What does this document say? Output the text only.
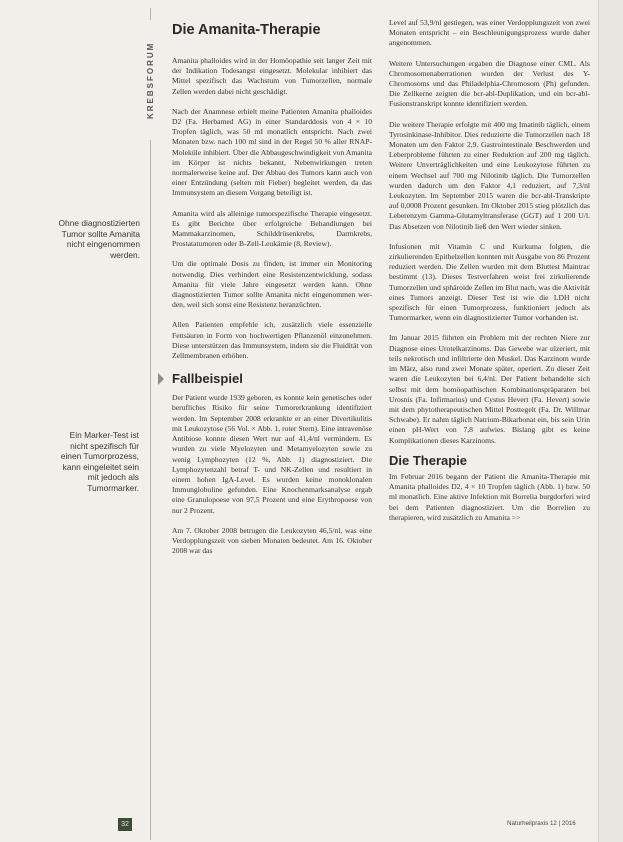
KREBSFORUM
Die Amanita-Therapie
Ohne diagnostizierten Tumor sollte Amanita nicht eingenommen werden.
Ein Marker-Test ist nicht spezifisch für einen Tumorprozess, kann eingeleitet sein mit jedoch als Tumormarker.

Amanita phalloides wird in der Homöopathie seit langer Zeit mit der Indikation Todesangst eingesetzt. Molekular inhibiert das Mittel spezifisch das Wachstum von Tumorzellen, normale Zellen werden dabei nicht geschädigt.

Nach der Anamnese erhielt meine Patienten Amanita phalloides D2 (Fa. Herbamed AG) in einer Standarddosis von 4 × 10 Tropfen täglich, was 50 mI monatlich entspricht. Nach zwei Monaten bzw. nach 100 ml sind in der Regel 50 % aller RNAP-Moleküle inhibiert. Über die Abbaugeschwindigkeit von Amanita im Körper ist nichts bekannt, Nebenwirkungen treten normalerweise keine auf. Der Abbau des Tumors kann auch von einer Entzündung (selten mit Fieber) begleitet werden, da das Immunsystem an diesem Vorgang beteiligt ist.

Amanita wird als alleinige tumorspezifische Therapie eingesetzt. Es gibt Berichte über erfolgreiche Behandlungen bei Mammakarzinomen, Schilddrüsenkrebs, Darmkrebs, Prostatatumoren oder B-Zell-Leukämie (8, Review).

Um die optimale Dosis zu finden, ist immer ein Monitoring notwendig. Dies verhindert eine Resistenzentwicklung, sodass Amanita für viele Jahre eingesetzt werden kann. Ohne diagnostizierten Tumor sollte Amanita nicht eingenommen werden, weil sich sonst eine Resistenz heranzüchten.

Allen Patienten empfehle ich, zusätzlich viele essenzielle Fettsäuren in Form von hochwertigen Pflanzenöl einzunehmen. Diese unterstützen das Immunsystem, indem sie die Fluidität von Zellmembranen erhöhen.

Fallbeispiel

Der Patient wurde 1939 geboren, es konnte kein genetisches oder berufliches Risiko für seine Tumorerkrankung identifiziert werden. Im September 2008 erkrankte er an einer Divertikulitis mit Leukozytose (56 Vol. × Abb. 1, roter Stern). Eine intravenöse Antibiose konnte diesen Wert nur auf 41,4/nl vermindern. Es wurden zu viele Myelozyten und Metamyelozyten sowie zu wenig Lymphozyten (12 %, Abb. 1) diagnostiziert. Die Lymphozytenzahl betraf T- und NK-Zellen und resultiert in einem hohen IgA-Level. Es wurden keine monoklonalen Immunglobuline gefunden. Eine Knochenmarksanalyse ergab eine Granulopoese von 97,5 Prozent und eine Erythropoese von nur 2 Prozent.

Am 7. Oktober 2008 betrugen die Leukozyten 46,5/nl, was eine Verdopplungszeit von sieben Monaten bedeutet. Am 16. Oktober 2008 war das

Level auf 53,9/nl gestiegen, was einer Verdopplungszeit von zwei Monaten entspricht – ein Beschleunigungsprozess wurde daher angenommen.

Weitere Untersuchungen ergaben die Diagnose einer CML. Als Chromosomenaberrationen wurden der Verlust des Y-Chromosoms und das Philadelphia-Chromosom (Ph) gefunden. Die Zellkerne zeigten die bcr-abl-Duplikation, und ein bcr-abl-Fusionstranskript konnte identifiziert werden.

Die weitere Therapie erfolgte mit 400 mg Imatinib täglich, einem Tyrosinkinase-Inhibitor. Dies reduzierte die Tumorzellen nach 18 Monaten um den Faktor 2,9. Gastrointestinale Beschwerden und Leberprobleme führten zu einer Reduktion auf 200 mg täglich. Weitere Unverträglichkeiten und eine Leukozytose führten zu einem Wechsel auf 700 mg Nilotinib täglich. Die Tumorzellen wurden dadurch um den Faktor 4,1 reduziert, auf 7,3/nl Leukozyten. Im September 2015 waren die bcr-abl-Transkripte auf 0,0008 Prozent gesunken. Im Oktober 2015 stieg plötzlich das Leberenzym Gamma-Glutamyltransferase (GGT) auf 1 200 U/l. Das Absetzen von Nilotinib ließ den Wert wieder sinken.

Infusionen mit Vitamin C und Kurkuma folgten, die zirkulierenden Epithelzellen konnten mit Ausgabe von 86 Prozent reduziert werden. Die Zellen wurden mit dem Bluttest Maintrac bestimmt (13). Dieses Testverfahren weist frei zirkulierende Tumorzellen und sphäroide Zellen im Blut nach, was die Aktivität eines Tumors anzeigt. Dieser Test ist wie die LDH nicht spezifisch für einen Tumorprozess, funktioniert jedoch als Tumormarker, wenn ein diagnostizierter Tumor vorhanden ist.

Im Januar 2015 führten ein Problem mit der rechten Niere zur Diagnose eines Urotelkarzinoms. Das Gewebe war ulzeriert, mit teils nekrotisch und infiltrierte den Muskel. Das Karzinom wurde im März, also rund zwei Monate später, operiert. Zu dieser Zeit waren die Leukozyten bei 6,4/nl. Der Patient behandelte sich selbst mit dem homöopathischen Kombinationspräparaten bei Urosnis (Fa. Infirmarius) und Cystus Hevert (Fa. Hevert) sowie mit dem phytotherapeutischen Mittel Posttegelt (Fa. Dr. Willmar Schwabe). Er nahm täglich Natrium-Bikarbonat ein, bis sein Urin einen pH-Wert von 7,8 aufwies. Bislang gibt es keine Komplikationen dieses Karzinoms.

Die Therapie

Im Februar 2016 begann der Patient die Amanita-Therapie mit Amanita phalloides D2, 4 × 10 Tropfen täglich (Abb. 1) bzw. 50 ml monatlich. Eine aktive Infektion mit Borrelia burgdorferi wird bei dem Patienten diagnostiziert. Um die Borrelien zu therapieren, wird zusätzlich zu Amanita >>

32	Naturheilpraxis 12 | 2016
